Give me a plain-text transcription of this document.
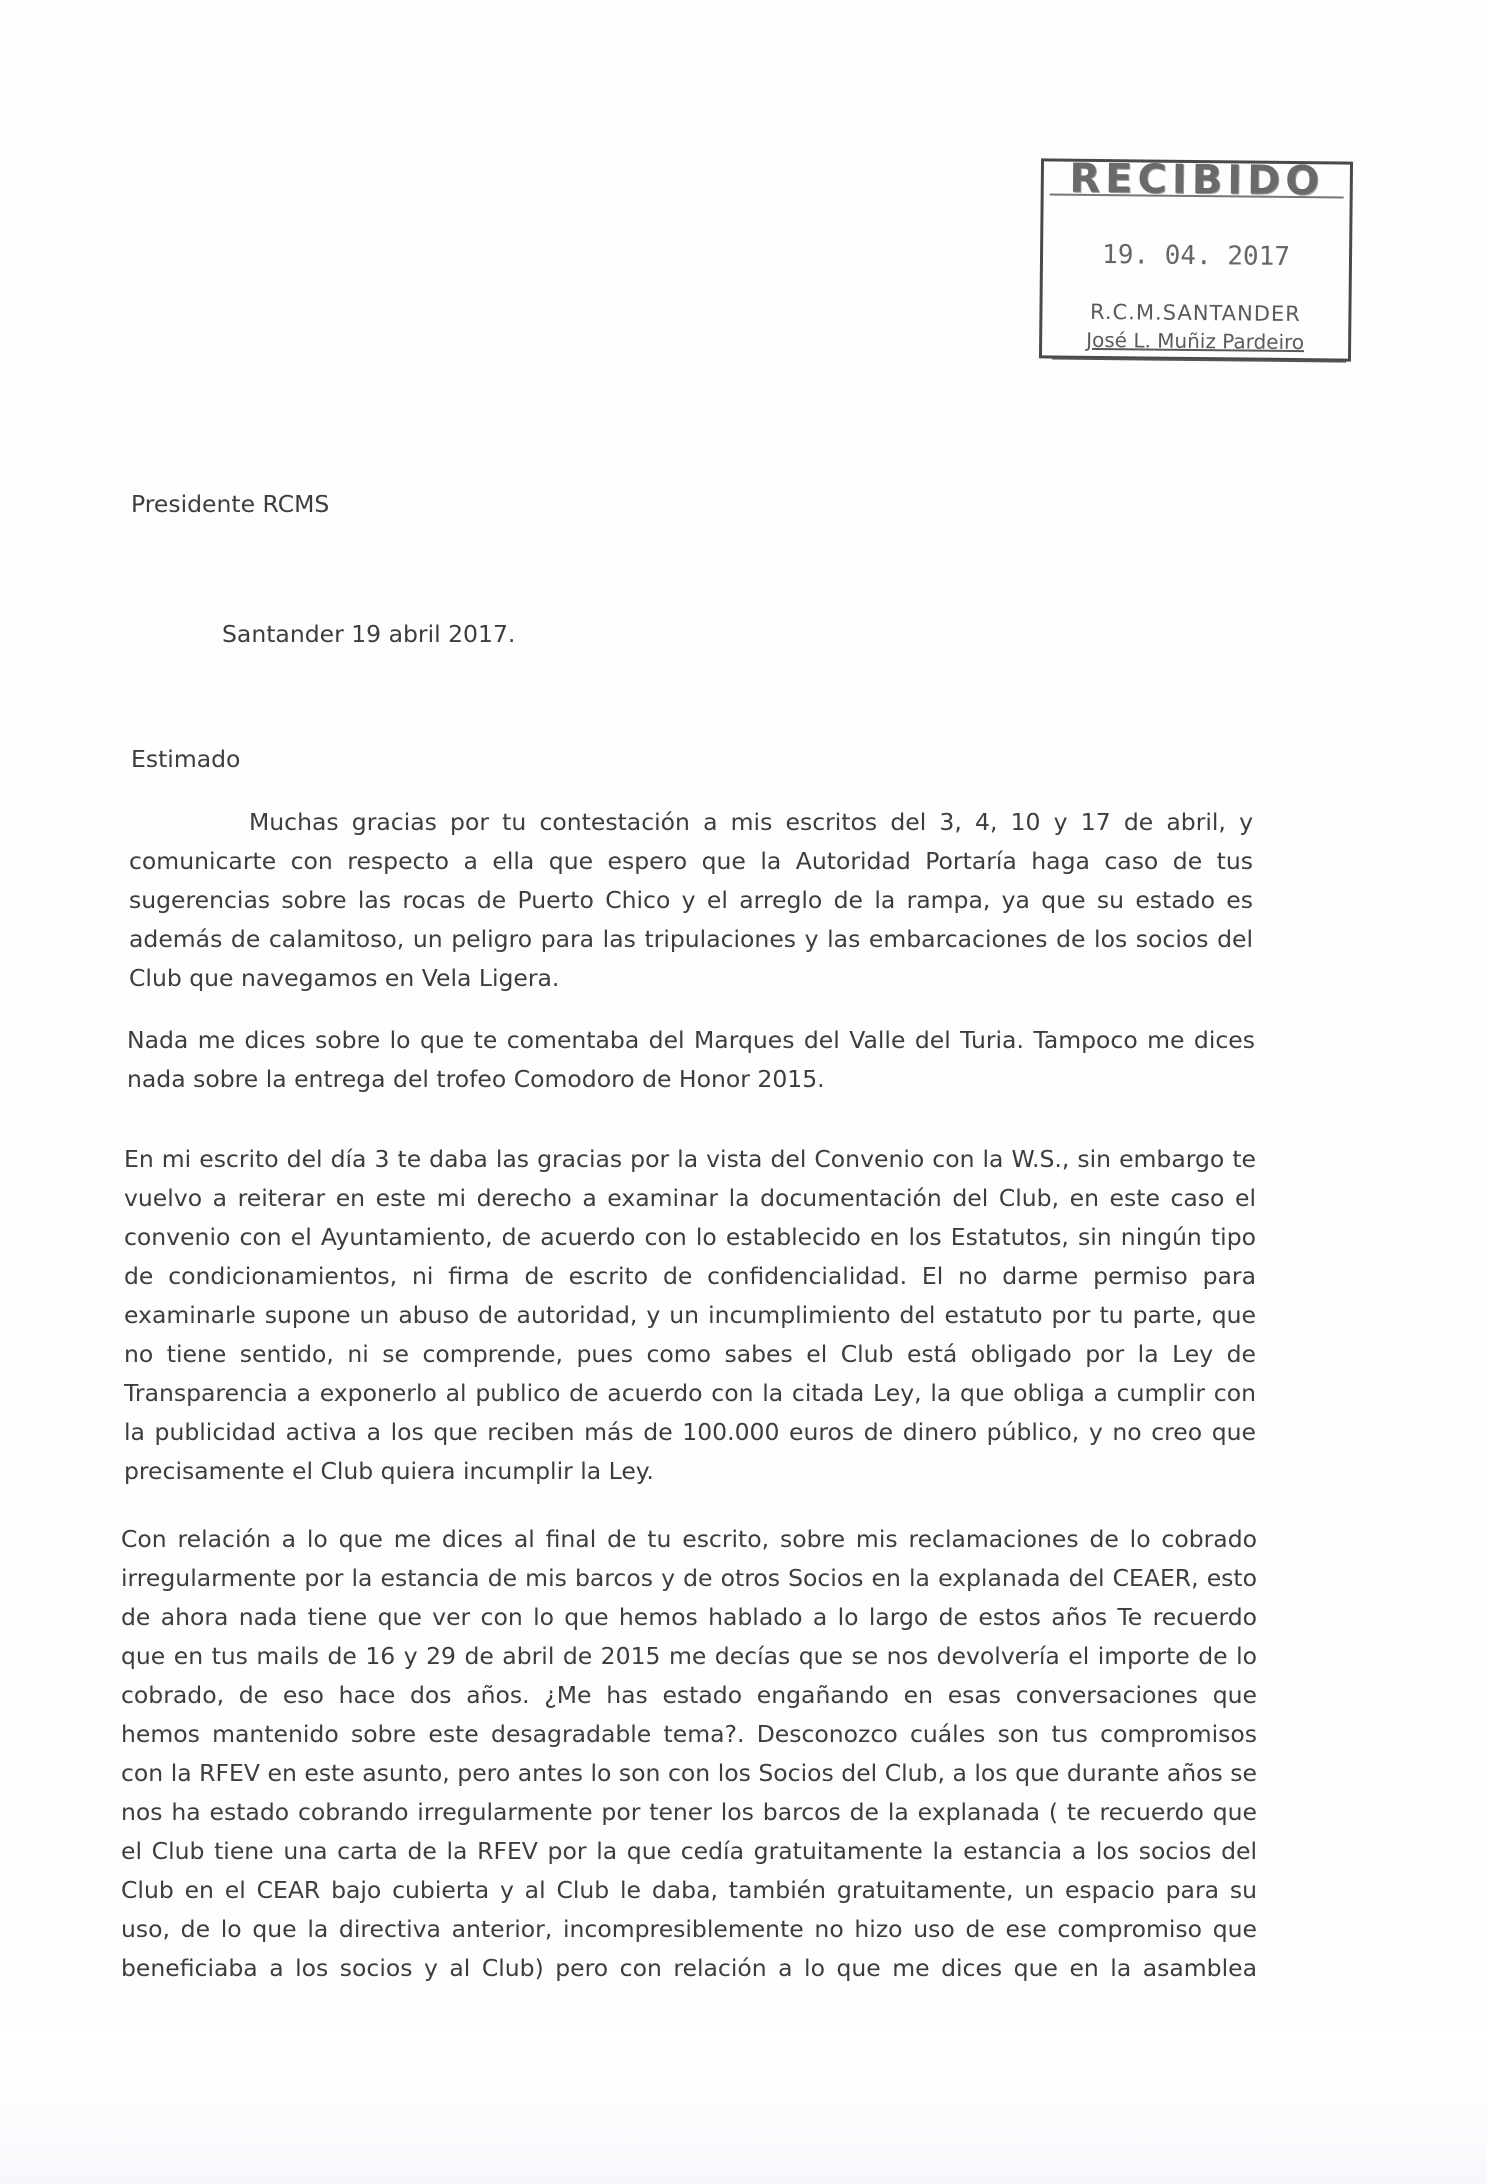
RECIBIDO
19. 04. 2017
R.C.M.SANTANDER
José L. Muñiz Pardeiro
Presidente RCMS
Santander 19 abril 2017.
Estimado
Muchas gracias por tu contestación a mis escritos del 3, 4, 10 y 17 de abril, y
comunicarte con respecto a ella que espero que la Autoridad Portaría haga caso de tus
sugerencias sobre las rocas de Puerto Chico y el arreglo de la rampa, ya que su estado es
además de calamitoso, un peligro para las tripulaciones y las embarcaciones de los socios del
Club que navegamos en Vela Ligera.
Nada me dices sobre lo que te comentaba del Marques del Valle del Turia. Tampoco me dices
nada sobre la entrega del trofeo Comodoro de Honor 2015.
En mi escrito del día 3 te daba las gracias por la vista del Convenio con la W.S., sin embargo te
vuelvo a reiterar en este mi derecho a examinar la documentación del Club, en este caso el
convenio con el Ayuntamiento, de acuerdo con lo establecido en los Estatutos, sin ningún tipo
de condicionamientos, ni firma de escrito de confidencialidad. El no darme permiso para
examinarle supone un abuso de autoridad, y un incumplimiento del estatuto por tu parte, que
no tiene sentido, ni se comprende, pues como sabes el Club está obligado por la Ley de
Transparencia a exponerlo al publico de acuerdo con la citada Ley, la que obliga a cumplir con
la publicidad activa a los que reciben más de 100.000 euros de dinero público, y no creo que
precisamente el Club quiera incumplir la Ley.
Con relación a lo que me dices al final de tu escrito, sobre mis reclamaciones de lo cobrado
irregularmente por la estancia de mis barcos y de otros Socios en la explanada del CEAER, esto
de ahora nada tiene que ver con lo que hemos hablado a lo largo de estos años Te recuerdo
que en tus mails de 16 y 29 de abril de 2015 me decías que se nos devolvería el importe de lo
cobrado, de eso hace dos años. ¿Me has estado engañando en esas conversaciones que
hemos mantenido sobre este desagradable tema?. Desconozco cuáles son tus compromisos
con la RFEV en este asunto, pero antes lo son con los Socios del Club, a los que durante años se
nos ha estado cobrando irregularmente por tener los barcos de la explanada ( te recuerdo que
el Club tiene una carta de la RFEV por la que cedía gratuitamente la estancia a los socios del
Club en el CEAR bajo cubierta y al Club le daba, también gratuitamente, un espacio para su
uso, de lo que la directiva anterior, incompresiblemente no hizo uso de ese compromiso que
beneficiaba a los socios y al Club) pero con relación a lo que me dices que en la asamblea
